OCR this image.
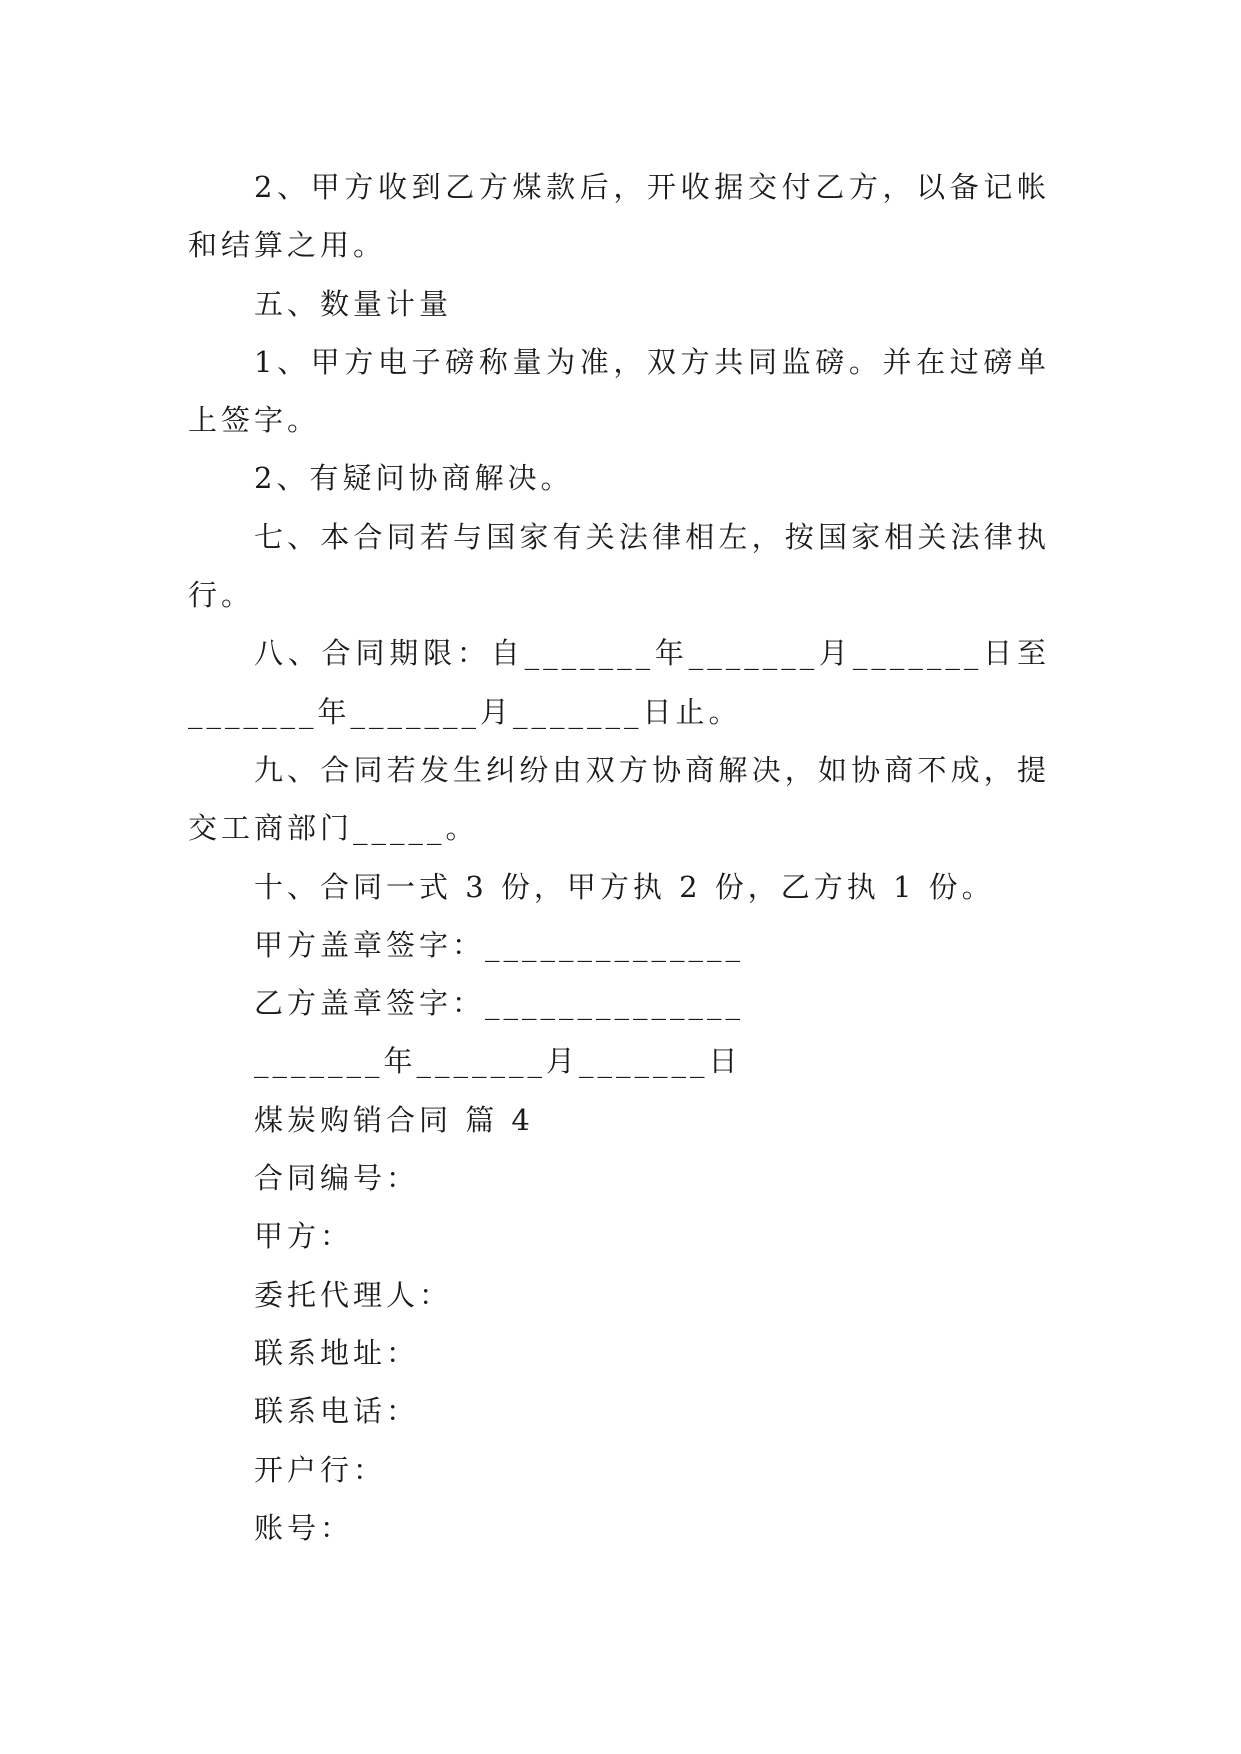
2、甲方收到乙方煤款后，开收据交付乙方，以备记帐
和结算之用。
五、数量计量
1、甲方电子磅称量为准，双方共同监磅。并在过磅单
上签字。
2、有疑问协商解决。
七、本合同若与国家有关法律相左，按国家相关法律执
行。
八、合同期限：自_______年_______月_______日至
_______年_______月_______日止。
九、合同若发生纠纷由双方协商解决，如协商不成，提
交工商部门_____。
十、合同一式 3 份，甲方执 2 份，乙方执 1 份。
甲方盖章签字：______________
乙方盖章签字：______________
_______年_______月_______日
煤炭购销合同 篇 4
合同编号：
甲方：
委托代理人：
联系地址：
联系电话：
开户行：
账号：
